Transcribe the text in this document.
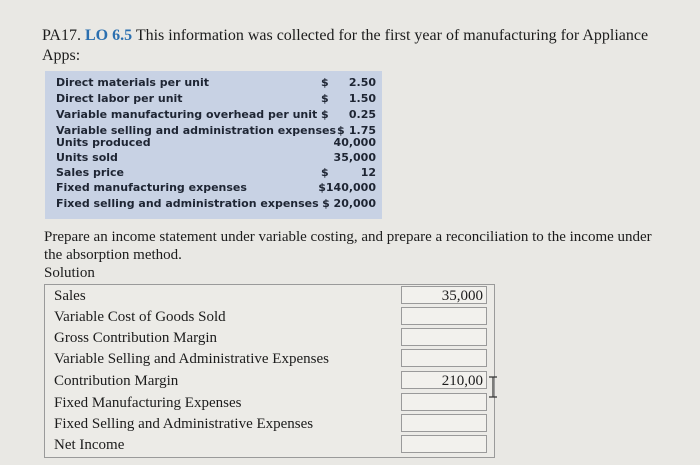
PA17. LO 6.5 This information was collected for the first year of manufacturing for Appliance Apps:
Direct materials per unit	$ 2.50
Direct labor per unit	$ 1.50
Variable manufacturing overhead per unit $ 0.25
Variable selling and administration expenses $ 1.75
Units produced	40,000
Units sold	35,000
Sales price	$	12
Fixed manufacturing expenses	$140,000
Fixed selling and administration expenses $ 20,000
Prepare an income statement under variable costing, and prepare a reconciliation to the income under the absorption method.
Solution
Sales	35,000
Variable Cost of Goods Sold
Gross Contribution Margin
Variable Selling and Administrative Expenses
Contribution Margin	210,00
Fixed Manufacturing Expenses
Fixed Selling and Administrative Expenses
Net Income
